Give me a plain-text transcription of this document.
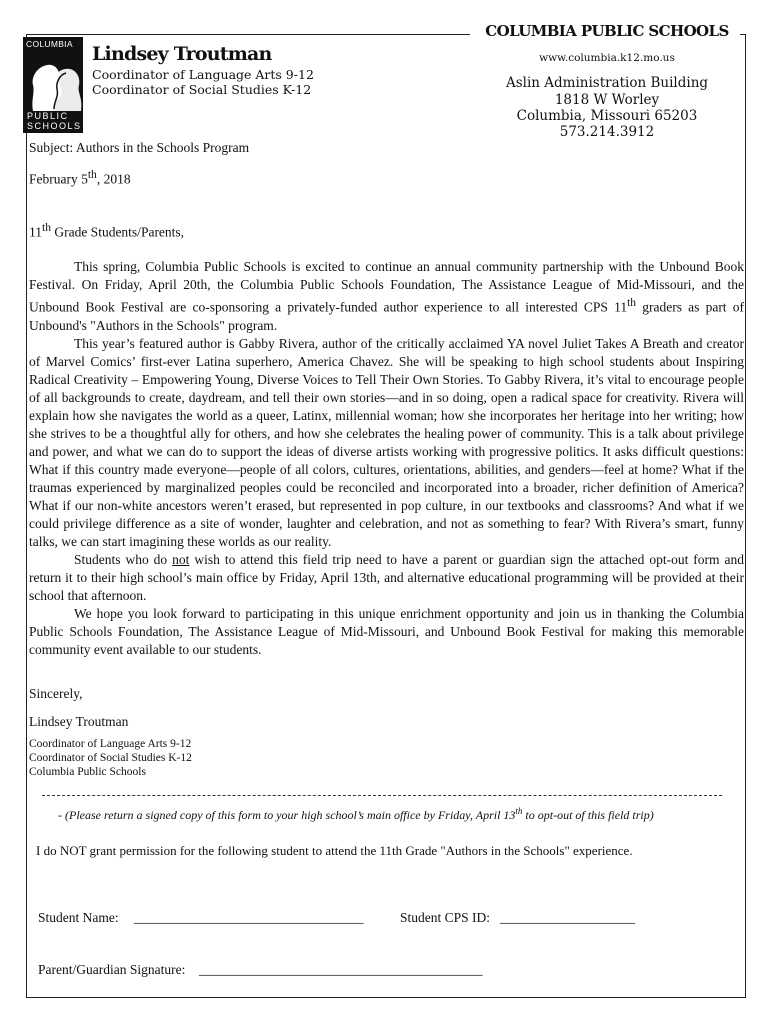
COLUMBIA
PUBLIC
SCHOOLS
Lindsey Troutman
Coordinator of Language Arts 9-12
Coordinator of Social Studies K-12
COLUMBIA PUBLIC SCHOOLS
www.columbia.k12.mo.us
Aslin Administration Building
1818 W Worley
Columbia, Missouri 65203
573.214.3912
Subject: Authors in the Schools Program
February 5th, 2018
11th Grade Students/Parents,

This spring, Columbia Public Schools is excited to continue an annual community partnership with the Unbound Book Festival. On Friday, April 20th, the Columbia Public Schools Foundation, The Assistance League of Mid-Missouri, and the Unbound Book Festival are co-sponsoring a privately-funded author experience to all interested CPS 11th graders as part of Unbound's "Authors in the Schools" program.

This year’s featured author is Gabby Rivera, author of the critically acclaimed YA novel Juliet Takes A Breath and creator of Marvel Comics’ first-ever Latina superhero, America Chavez. She will be speaking to high school students about Inspiring Radical Creativity – Empowering Young, Diverse Voices to Tell Their Own Stories. To Gabby Rivera, it’s vital to encourage people of all backgrounds to create, daydream, and tell their own stories—and in so doing, open a radical space for creativity. Rivera will explain how she navigates the world as a queer, Latinx, millennial woman; how she incorporates her heritage into her writing; how she strives to be a thoughtful ally for others, and how she celebrates the healing power of community. This is a talk about privilege and power, and what we can do to support the ideas of diverse artists working with progressive politics. It asks difficult questions: What if this country made everyone—people of all colors, cultures, orientations, abilities, and genders—feel at home? What if the traumas experienced by marginalized peoples could be reconciled and incorporated into a broader, richer definition of America? What if our non-white ancestors weren’t erased, but represented in pop culture, in our textbooks and classrooms? And what if we could privilege difference as a site of wonder, laughter and celebration, and not as something to fear? With Rivera’s smart, funny talks, we can start imagining these worlds as our reality.

Students who do not wish to attend this field trip need to have a parent or guardian sign the attached opt-out form and return it to their high school’s main office by Friday, April 13th, and alternative educational programming will be provided at their school that afternoon.

We hope you look forward to participating in this unique enrichment opportunity and join us in thanking the Columbia Public Schools Foundation, The Assistance League of Mid-Missouri, and Unbound Book Festival for making this memorable community event available to our students.

Sincerely,
Lindsey Troutman
Coordinator of Language Arts 9-12
Coordinator of Social Studies K-12
Columbia Public Schools
- (Please return a signed copy of this form to your high school’s main office by Friday, April 13th to opt-out of this field trip)
I do NOT grant permission for the following student to attend the 11th Grade "Authors in the Schools" experience.
Student Name: __________________________________	Student CPS ID: ____________________
Parent/Guardian Signature: __________________________________________
